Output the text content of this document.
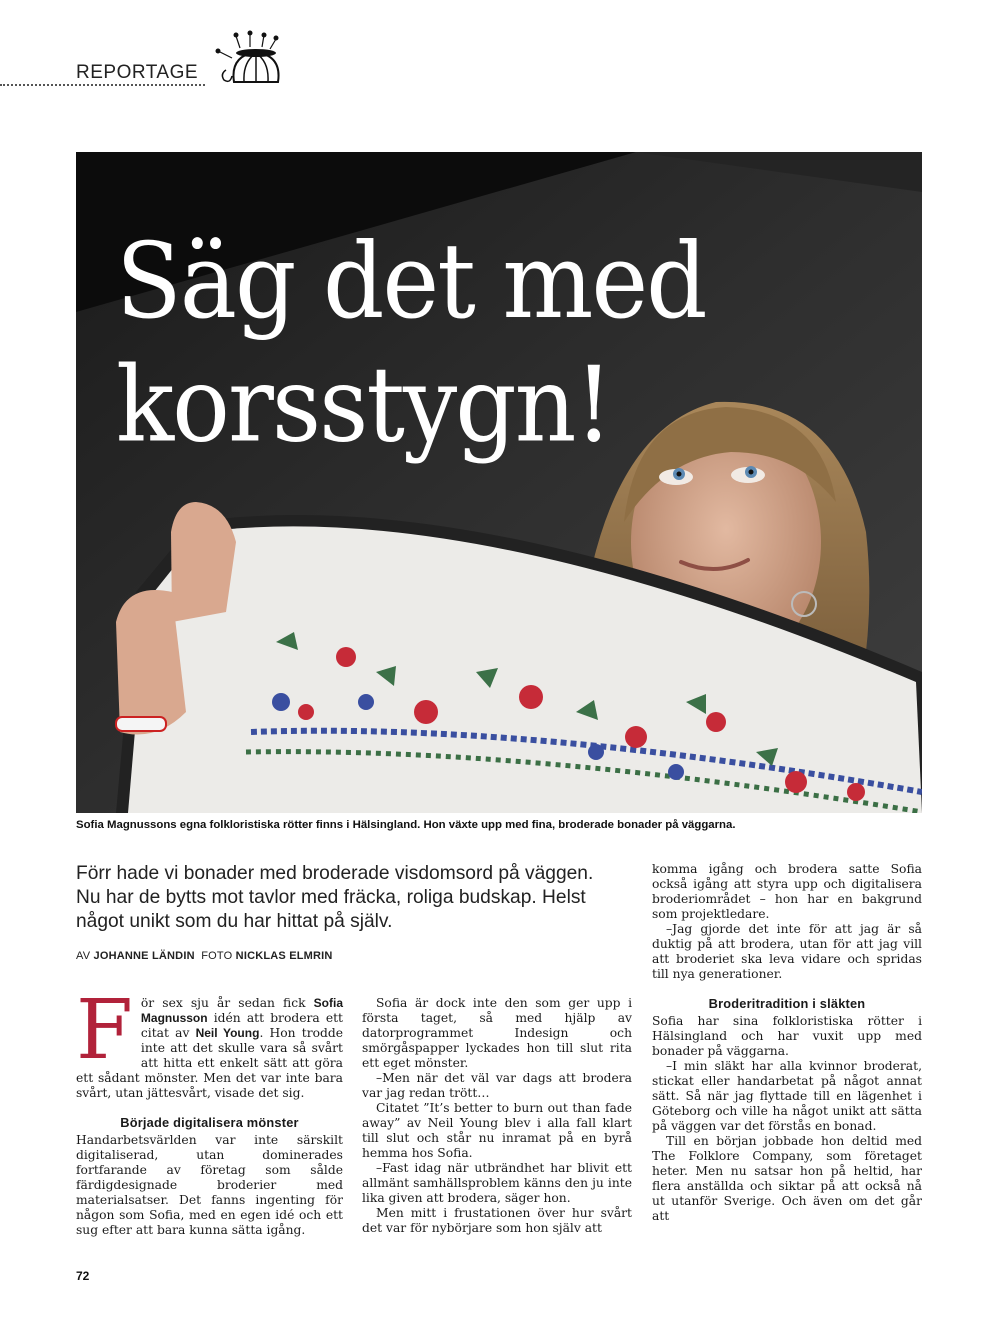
REPORTAGE
Säg det med
korsstygn!
Sofia Magnussons egna folkloristiska rötter finns i Hälsingland. Hon växte upp med fina, broderade bonader på väggarna.
Förr hade vi bonader med broderade visdomsord på väggen. Nu har de bytts mot tavlor med fräcka, roliga budskap. Helst något unikt som du har hittat på själv.
AV JOHANNE LÄNDIN FOTO NICKLAS ELMRIN

För sex sju år sedan fick Sofia Magnusson idén att brodera ett citat av Neil Young. Hon trodde inte att det skulle vara så svårt att hitta ett enkelt sätt att göra ett sådant mönster. Men det var inte bara svårt, utan jättesvårt, visade det sig.

Började digitalisera mönster

Handarbetsvärlden var inte särskilt digitaliserad, utan dominerades fortfarande av företag som sålde färdigdesignade broderier med materialsatser. Det fanns ingenting för någon som Sofia, med en egen idé och ett sug efter att bara kunna sätta igång.

Sofia är dock inte den som ger upp i första taget, så med hjälp av datorprogrammet Indesign och smörgåspapper lyckades hon till slut rita ett eget mönster.

–Men när det väl var dags att brodera var jag redan trött…

Citatet ”It’s better to burn out than fade away” av Neil Young blev i alla fall klart till slut och står nu inramat på en byrå hemma hos Sofia.

–Fast idag när utbrändhet har blivit ett allmänt samhällsproblem känns den ju inte lika given att brodera, säger hon.

Men mitt i frustationen över hur svårt det var för nybörjare som hon själv att

komma igång och brodera satte Sofia också igång att styra upp och digitalisera broderiområdet – hon har en bakgrund som projektledare.

–Jag gjorde det inte för att jag är så duktig på att brodera, utan för att jag vill att broderiet ska leva vidare och spridas till nya generationer.

Broderitradition i släkten

Sofia har sina folkloristiska rötter i Hälsingland och har vuxit upp med bonader på väggarna.

–I min släkt har alla kvinnor broderat, stickat eller handarbetat på något annat sätt. Så när jag flyttade till en lägenhet i Göteborg och ville ha något unikt att sätta på väggen var det förstås en bonad.

Till en början jobbade hon deltid med The Folklore Company, som företaget heter. Men nu satsar hon på heltid, har flera anställda och siktar på att också nå ut utanför Sverige. Och även om det går att

72
